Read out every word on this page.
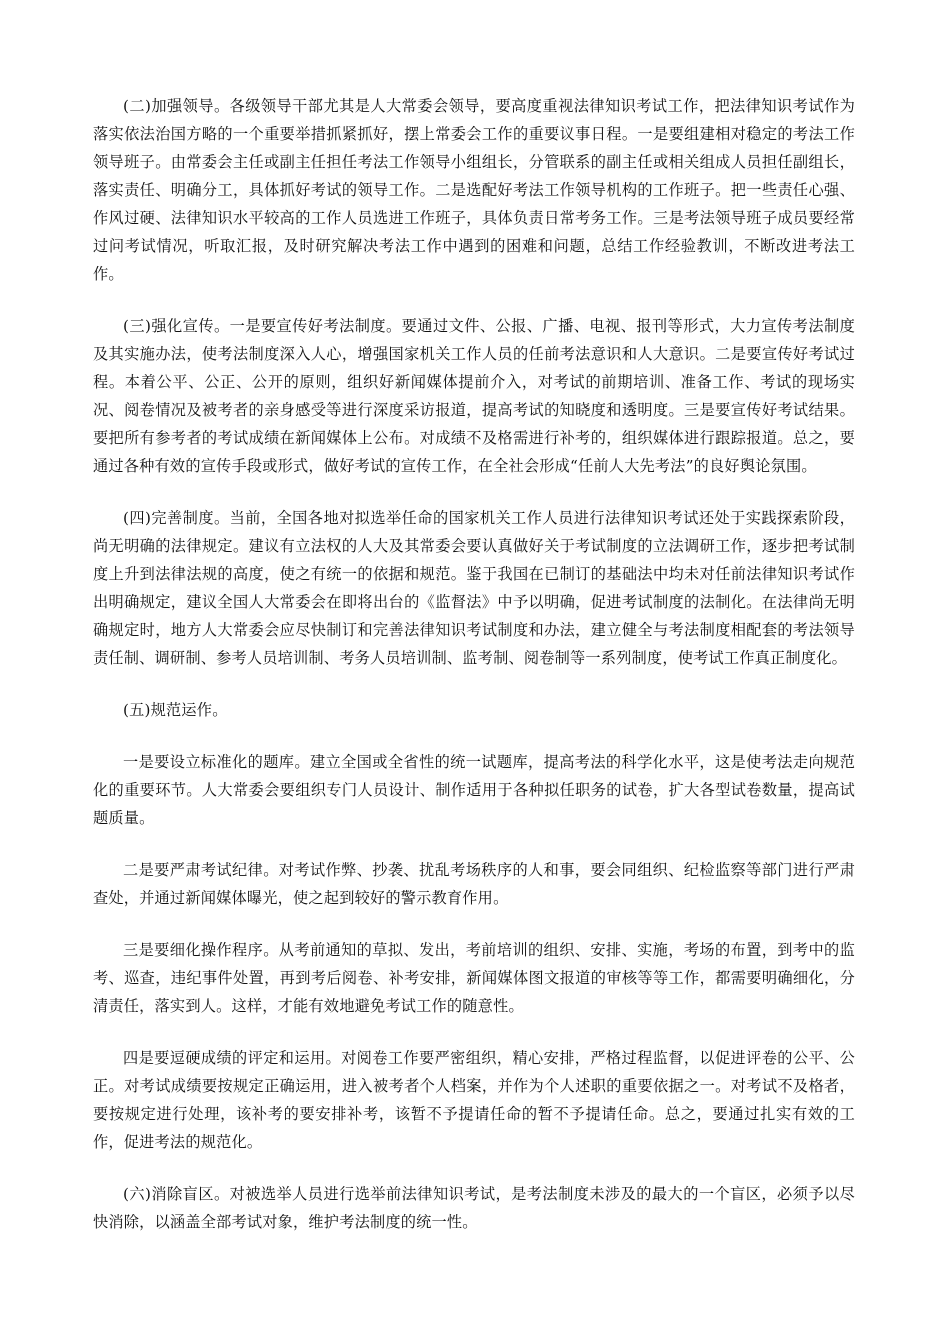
(二)加强领导。各级领导干部尤其是人大常委会领导，要高度重视法律知识考试工作，把法律知识考试作为落实依法治国方略的一个重要举措抓紧抓好，摆上常委会工作的重要议事日程。一是要组建相对稳定的考法工作领导班子。由常委会主任或副主任担任考法工作领导小组组长，分管联系的副主任或相关组成人员担任副组长，落实责任、明确分工，具体抓好考试的领导工作。二是选配好考法工作领导机构的工作班子。把一些责任心强、作风过硬、法律知识水平较高的工作人员选进工作班子，具体负责日常考务工作。三是考法领导班子成员要经常过问考试情况，听取汇报，及时研究解决考法工作中遇到的困难和问题，总结工作经验教训，不断改进考法工作。

(三)强化宣传。一是要宣传好考法制度。要通过文件、公报、广播、电视、报刊等形式，大力宣传考法制度及其实施办法，使考法制度深入人心，增强国家机关工作人员的任前考法意识和人大意识。二是要宣传好考试过程。本着公平、公正、公开的原则，组织好新闻媒体提前介入，对考试的前期培训、准备工作、考试的现场实况、阅卷情况及被考者的亲身感受等进行深度采访报道，提高考试的知晓度和透明度。三是要宣传好考试结果。要把所有参考者的考试成绩在新闻媒体上公布。对成绩不及格需进行补考的，组织媒体进行跟踪报道。总之，要通过各种有效的宣传手段或形式，做好考试的宣传工作，在全社会形成“任前人大先考法”的良好舆论氛围。

(四)完善制度。当前，全国各地对拟选举任命的国家机关工作人员进行法律知识考试还处于实践探索阶段，尚无明确的法律规定。建议有立法权的人大及其常委会要认真做好关于考试制度的立法调研工作，逐步把考试制度上升到法律法规的高度，使之有统一的依据和规范。鉴于我国在已制订的基础法中均未对任前法律知识考试作出明确规定，建议全国人大常委会在即将出台的《监督法》中予以明确，促进考试制度的法制化。在法律尚无明确规定时，地方人大常委会应尽快制订和完善法律知识考试制度和办法，建立健全与考法制度相配套的考法领导责任制、调研制、参考人员培训制、考务人员培训制、监考制、阅卷制等一系列制度，使考试工作真正制度化。

(五)规范运作。

一是要设立标准化的题库。建立全国或全省性的统一试题库，提高考法的科学化水平，这是使考法走向规范化的重要环节。人大常委会要组织专门人员设计、制作适用于各种拟任职务的试卷，扩大各型试卷数量，提高试题质量。

二是要严肃考试纪律。对考试作弊、抄袭、扰乱考场秩序的人和事，要会同组织、纪检监察等部门进行严肃查处，并通过新闻媒体曝光，使之起到较好的警示教育作用。

三是要细化操作程序。从考前通知的草拟、发出，考前培训的组织、安排、实施，考场的布置，到考中的监考、巡查，违纪事件处置，再到考后阅卷、补考安排，新闻媒体图文报道的审核等等工作，都需要明确细化，分清责任，落实到人。这样，才能有效地避免考试工作的随意性。

四是要逗硬成绩的评定和运用。对阅卷工作要严密组织，精心安排，严格过程监督，以促进评卷的公平、公正。对考试成绩要按规定正确运用，进入被考者个人档案，并作为个人述职的重要依据之一。对考试不及格者，要按规定进行处理，该补考的要安排补考，该暂不予提请任命的暂不予提请任命。总之，要通过扎实有效的工作，促进考法的规范化。

(六)消除盲区。对被选举人员进行选举前法律知识考试，是考法制度未涉及的最大的一个盲区，必须予以尽快消除，以涵盖全部考试对象，维护考法制度的统一性。
